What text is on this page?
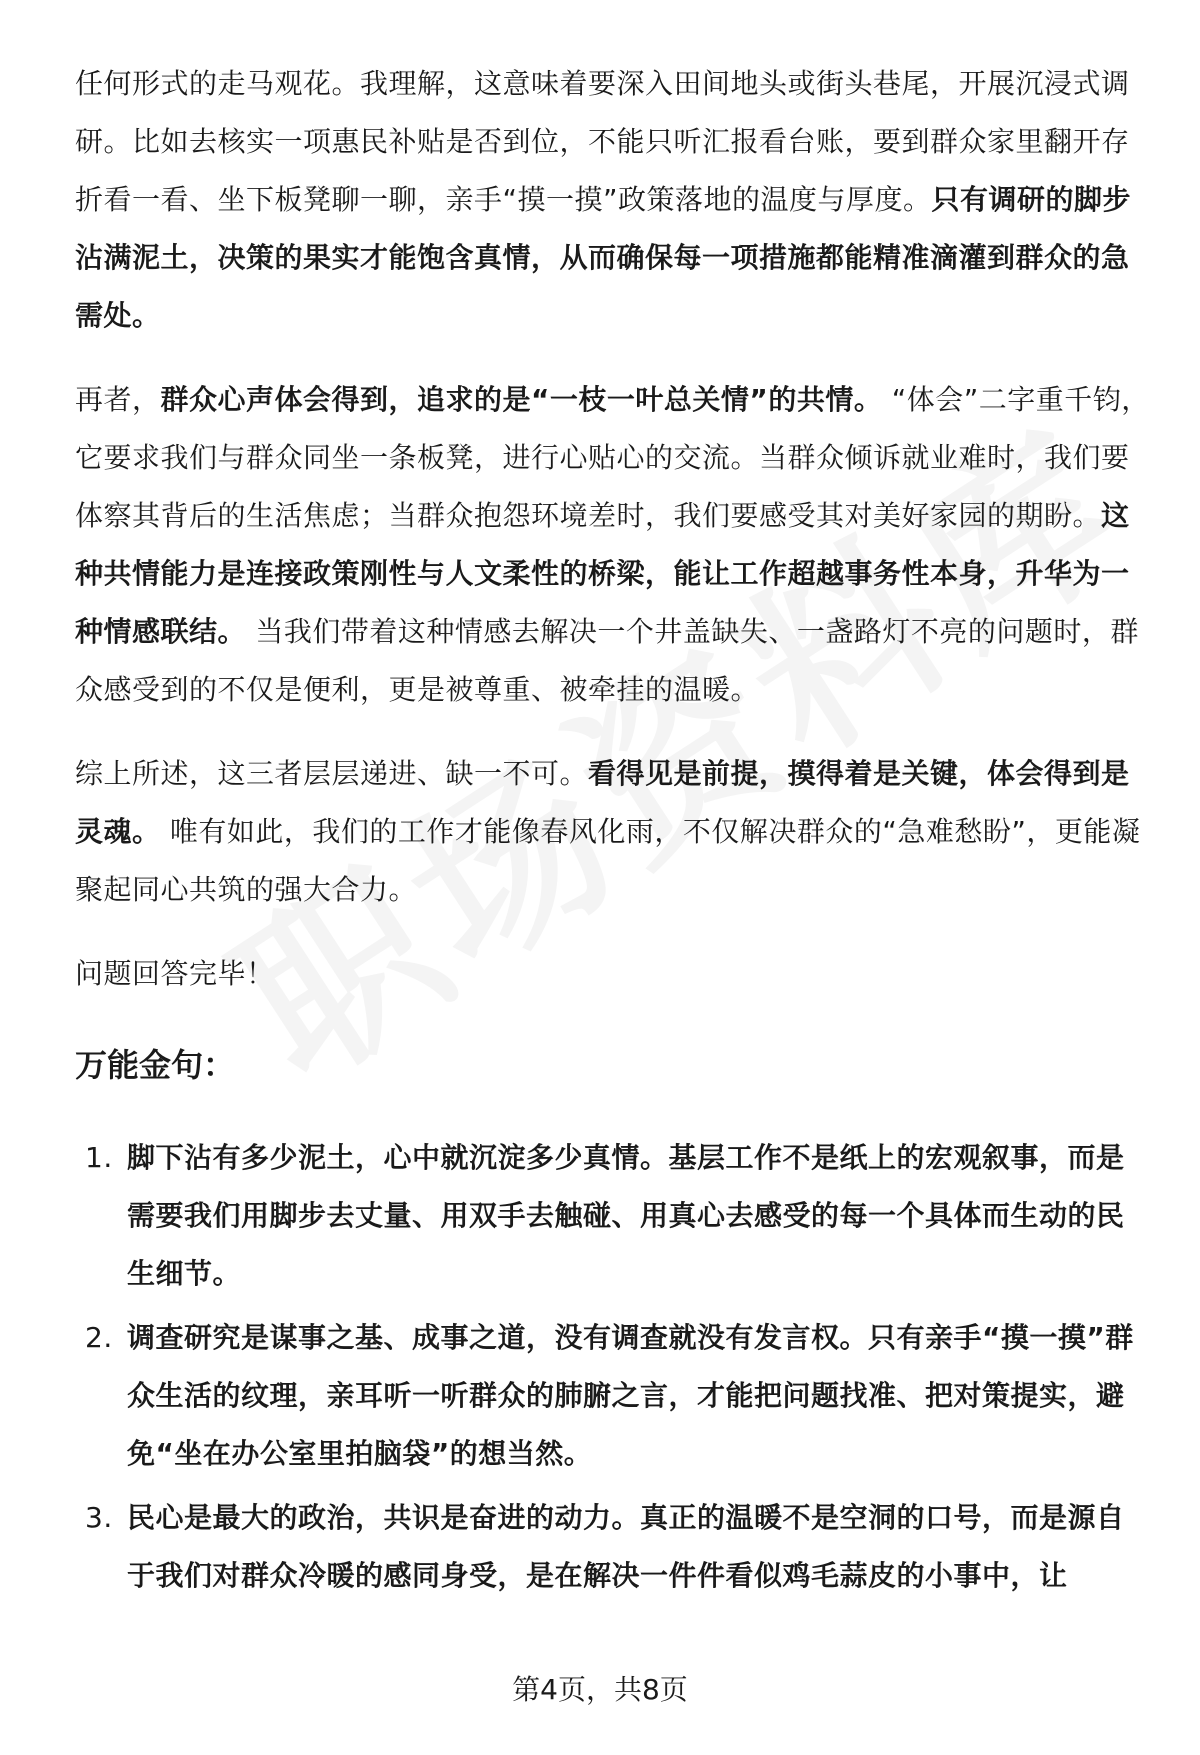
任何形式的走马观花。我理解，这意味着要深入田间地头或街头巷尾，开展沉浸式调研。比如去核实一项惠民补贴是否到位，不能只听汇报看台账，要到群众家里翻开存折看一看、坐下板凳聊一聊，亲手“摸一摸”政策落地的温度与厚度。只有调研的脚步沾满泥土，决策的果实才能饱含真情，从而确保每一项措施都能精准滴灌到群众的急需处。

再者，群众心声体会得到，追求的是“一枝一叶总关情”的共情。 “体会”二字重千钧，它要求我们与群众同坐一条板凳，进行心贴心的交流。当群众倾诉就业难时，我们要体察其背后的生活焦虑；当群众抱怨环境差时，我们要感受其对美好家园的期盼。这种共情能力是连接政策刚性与人文柔性的桥梁，能让工作超越事务性本身，升华为一种情感联结。 当我们带着这种情感去解决一个井盖缺失、一盏路灯不亮的问题时，群众感受到的不仅是便利，更是被尊重、被牵挂的温暖。

综上所述，这三者层层递进、缺一不可。看得见是前提，摸得着是关键，体会得到是灵魂。 唯有如此，我们的工作才能像春风化雨，不仅解决群众的“急难愁盼”，更能凝聚起同心共筑的强大合力。

问题回答完毕！

万能金句：
1. 脚下沾有多少泥土，心中就沉淀多少真情。基层工作不是纸上的宏观叙事，而是需要我们用脚步去丈量、用双手去触碰、用真心去感受的每一个具体而生动的民生细节。
2. 调查研究是谋事之基、成事之道，没有调查就没有发言权。只有亲手“摸一摸”群众生活的纹理，亲耳听一听群众的肺腑之言，才能把问题找准、把对策提实，避免“坐在办公室里拍脑袋”的想当然。
3. 民心是最大的政治，共识是奋进的动力。真正的温暖不是空洞的口号，而是源自于我们对群众冷暖的感同身受，是在解决一件件看似鸡毛蒜皮的小事中，让
第4页，共8页
